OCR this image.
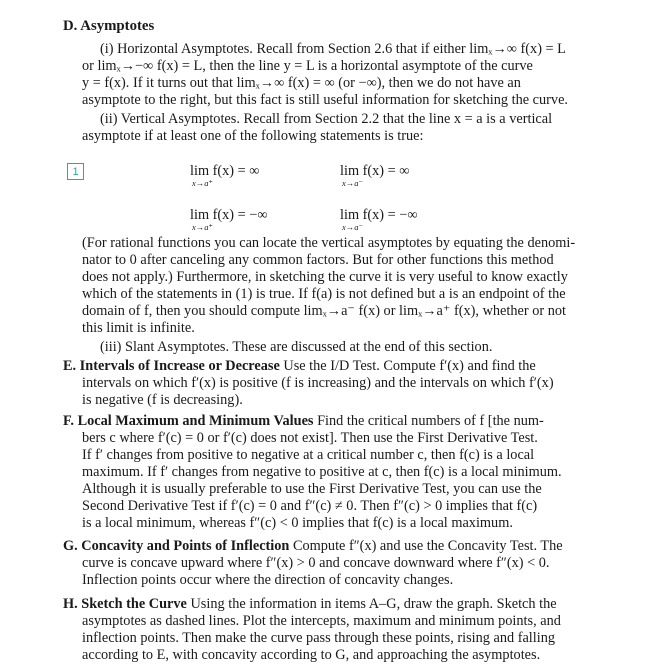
D. Asymptotes
(i) Horizontal Asymptotes. Recall from Section 2.6 that if either limₓ→∞ f(x) = L
or limₓ→−∞ f(x) = L, then the line y = L is a horizontal asymptote of the curve
y = f(x). If it turns out that limₓ→∞ f(x) = ∞ (or −∞), then we do not have an
asymptote to the right, but this fact is still useful information for sketching the curve.
(ii) Vertical Asymptotes. Recall from Section 2.2 that the line x = a is a vertical
asymptote if at least one of the following statements is true:
1	lim f(x) = ∞
x→a⁺
lim f(x) = ∞
x→a⁻
lim f(x) = −∞
x→a⁺
lim f(x) = −∞
x→a⁻
(For rational functions you can locate the vertical asymptotes by equating the denomi-
nator to 0 after canceling any common factors. But for other functions this method
does not apply.) Furthermore, in sketching the curve it is very useful to know exactly
which of the statements in (1) is true. If f(a) is not defined but a is an endpoint of the
domain of f, then you should compute limₓ→a⁻ f(x) or limₓ→a⁺ f(x), whether or not
this limit is infinite.
(iii) Slant Asymptotes. These are discussed at the end of this section.
E. Intervals of Increase or Decrease Use the I/D Test. Compute f′(x) and find the
intervals on which f′(x) is positive (f is increasing) and the intervals on which f′(x)
is negative (f is decreasing).
F. Local Maximum and Minimum Values Find the critical numbers of f [the num-
bers c where f′(c) = 0 or f′(c) does not exist]. Then use the First Derivative Test.
If f′ changes from positive to negative at a critical number c, then f(c) is a local
maximum. If f′ changes from negative to positive at c, then f(c) is a local minimum.
Although it is usually preferable to use the First Derivative Test, you can use the
Second Derivative Test if f′(c) = 0 and f″(c) ≠ 0. Then f″(c) > 0 implies that f(c)
is a local minimum, whereas f″(c) < 0 implies that f(c) is a local maximum.
G. Concavity and Points of Inflection Compute f″(x) and use the Concavity Test. The
curve is concave upward where f″(x) > 0 and concave downward where f″(x) < 0.
Inflection points occur where the direction of concavity changes.
H. Sketch the Curve Using the information in items A–G, draw the graph. Sketch the
asymptotes as dashed lines. Plot the intercepts, maximum and minimum points, and
inflection points. Then make the curve pass through these points, rising and falling
according to E, with concavity according to G, and approaching the asymptotes.
